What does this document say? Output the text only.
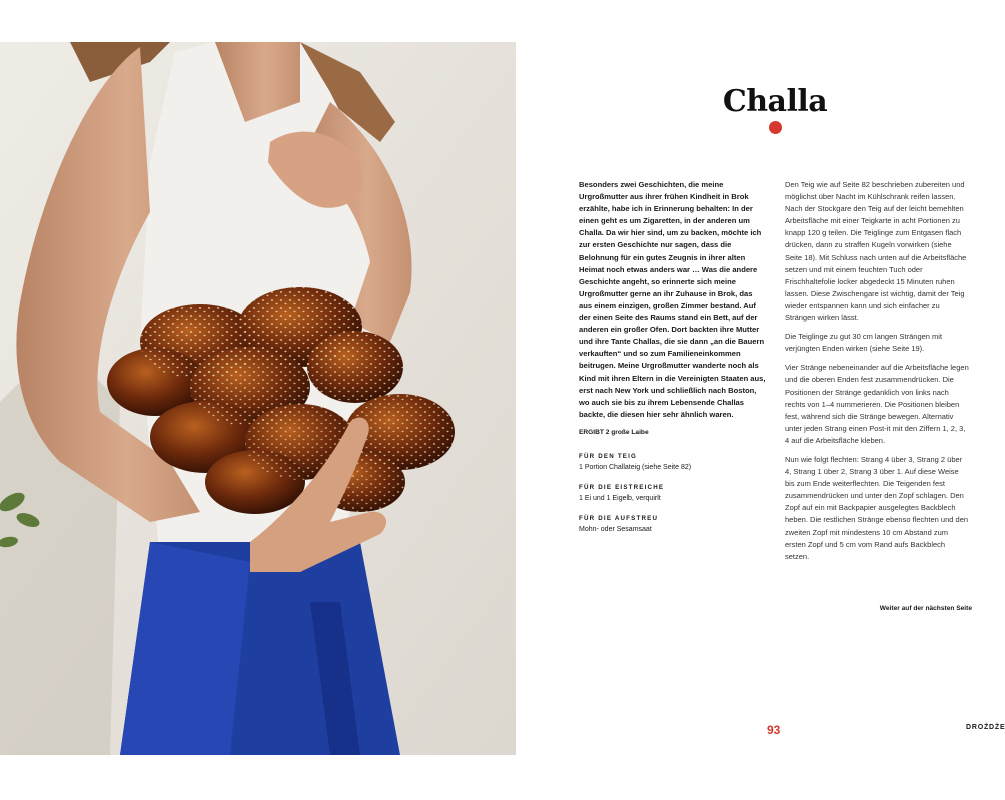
Challa

Besonders zwei Geschichten, die meine Urgroßmutter aus ihrer frühen Kindheit in Brok erzählte, habe ich in Erinnerung behalten: In der einen geht es um Zigaretten, in der anderen um Challa. Da wir hier sind, um zu backen, möchte ich zur ersten Geschichte nur sagen, dass die Belohnung für ein gutes Zeugnis in ihrer alten Heimat noch etwas anders war … Was die andere Geschichte angeht, so erinnerte sich meine Urgroßmutter gerne an ihr Zuhause in Brok, das aus einem einzigen, großen Zimmer bestand. Auf der einen Seite des Raums stand ein Bett, auf der anderen ein großer Ofen. Dort backten ihre Mutter und ihre Tante Challas, die sie dann „an die Bauern verkauften“ und so zum Familieneinkommen beitrugen. Meine Urgroßmutter wanderte noch als Kind mit ihren Eltern in die Vereinigten Staaten aus, erst nach New York und schließlich nach Boston, wo auch sie bis zu ihrem Lebensende Challas backte, die diesen hier sehr ähnlich waren.

ERGIBT 2 große Laibe

FÜR DEN TEIG

1 Portion Challateig (siehe Seite 82)

FÜR DIE EISTREICHE

1 Ei und 1 Eigelb, verquirlt

FÜR DIE AUFSTREU

Mohn- oder Sesamsaat

Den Teig wie auf Seite 82 beschrieben zubereiten und möglichst über Nacht im Kühlschrank reifen lassen. Nach der Stockgare den Teig auf der leicht bemehlten Arbeitsfläche mit einer Teigkarte in acht Portionen zu knapp 120 g teilen. Die Teiglinge zum Entgasen flach drücken, dann zu straffen Kugeln vorwirken (siehe Seite 18). Mit Schluss nach unten auf die Arbeitsfläche setzen und mit einem feuchten Tuch oder Frischhaltefolie locker abgedeckt 15 Minuten ruhen lassen. Diese Zwischengare ist wichtig, damit der Teig wieder entspannen kann und sich einfacher zu Strängen wirken lässt.

Die Teiglinge zu gut 30 cm langen Strängen mit verjüngten Enden wirken (siehe Seite 19).

Vier Stränge nebeneinander auf die Arbeitsfläche legen und die oberen Enden fest zusammendrücken. Die Positionen der Stränge gedanklich von links nach rechts von 1–4 nummerieren. Die Positionen bleiben fest, während sich die Stränge bewegen. Alternativ unter jeden Strang einen Post-it mit den Ziffern 1, 2, 3, 4 auf die Arbeitsfläche kleben.

Nun wie folgt flechten: Strang 4 über 3, Strang 2 über 4, Strang 1 über 2, Strang 3 über 1. Auf diese Weise bis zum Ende weiterflechten. Die Teigenden fest zusammendrücken und unter den Zopf schlagen. Den Zopf auf ein mit Backpapier ausgelegtes Backblech heben. Die restlichen Stränge ebenso flechten und den zweiten Zopf mit mindestens 10 cm Abstand zum ersten Zopf und 5 cm vom Rand aufs Backblech setzen.

Weiter auf der nächsten Seite
93	DROŻDŻE
